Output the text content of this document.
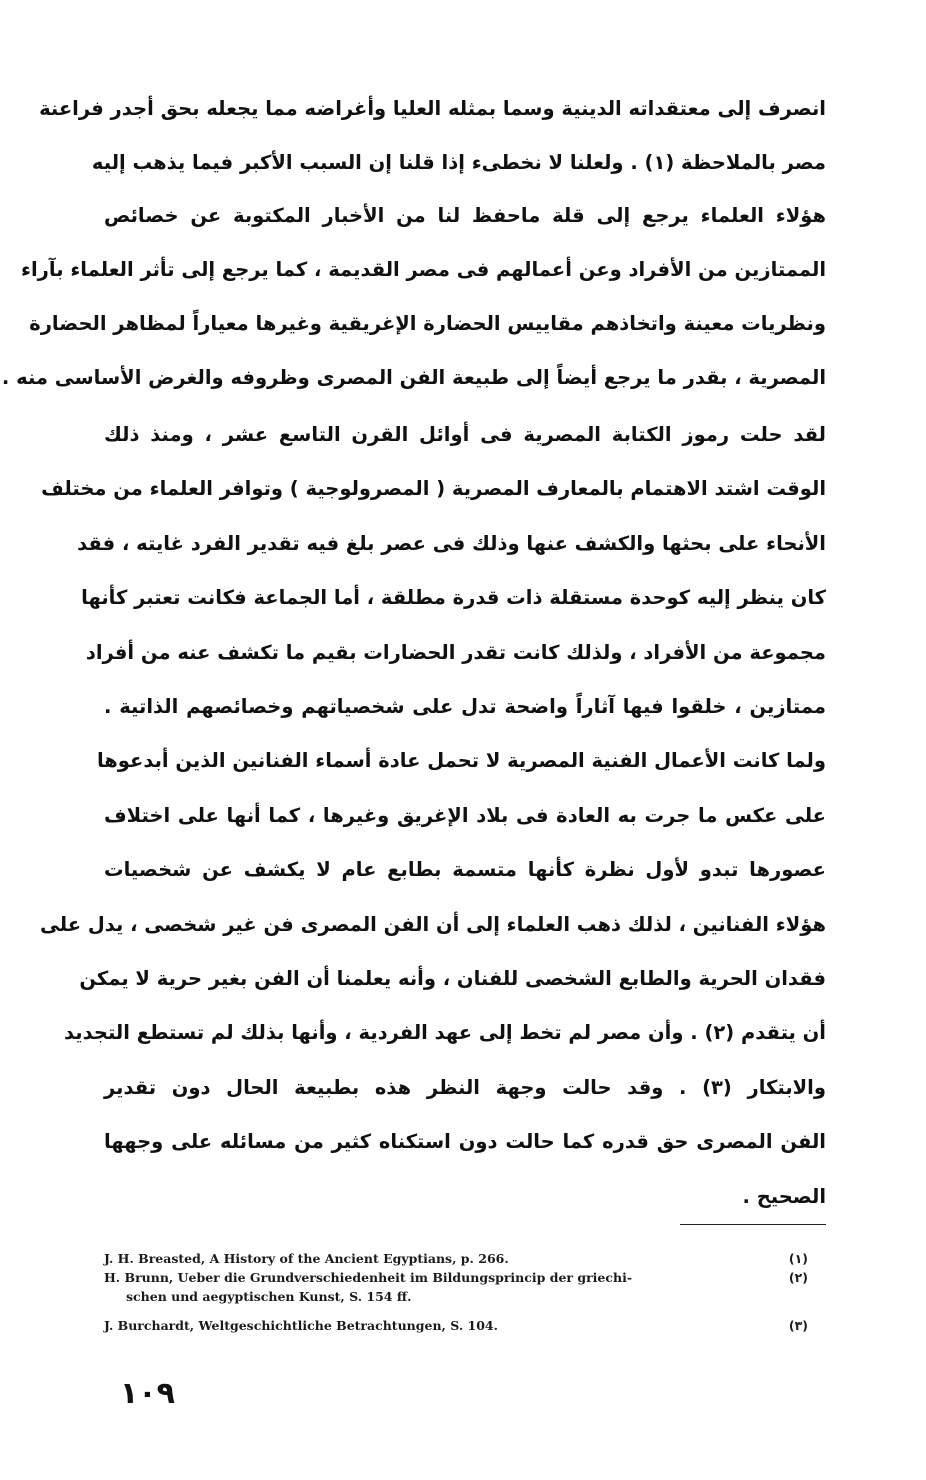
انصرف إلى معتقداته الدينية وسما بمثله العليا وأغراضه مما يجعله بحق أجدر فراعنة
مصر بالملاحظة (١) . ولعلنا لا نخطىء إذا قلنا إن السبب الأكبر فيما يذهب إليه
هؤلاء العلماء يرجع إلى قلة ماحفظ لنا من الأخبار المكتوبة عن خصائص
الممتازين من الأفراد وعن أعمالهم فى مصر القديمة ، كما يرجع إلى تأثر العلماء بآراء
ونظريات معينة واتخاذهم مقاييس الحضارة الإغريقية وغيرها معياراً لمظاهر الحضارة
المصرية ، بقدر ما يرجع أيضاً إلى طبيعة الفن المصرى وظروفه والغرض الأساسى منه .
لقد حلت رموز الكتابة المصرية فى أوائل القرن التاسع عشر ، ومنذ ذلك
الوقت اشتد الاهتمام بالمعارف المصرية ( المصرولوجية ) وتوافر العلماء من مختلف
الأنحاء على بحثها والكشف عنها وذلك فى عصر بلغ فيه تقدير الفرد غايته ، فقد
كان ينظر إليه كوحدة مستقلة ذات قدرة مطلقة ، أما الجماعة فكانت تعتبر كأنها
مجموعة من الأفراد ، ولذلك كانت تقدر الحضارات بقيم ما تكشف عنه من أفراد
ممتازين ، خلقوا فيها آثاراً واضحة تدل على شخصياتهم وخصائصهم الذاتية .
ولما كانت الأعمال الفنية المصرية لا تحمل عادة أسماء الفنانين الذين أبدعوها
على عكس ما جرت به العادة فى بلاد الإغريق وغيرها ، كما أنها على اختلاف
عصورها تبدو لأول نظرة كأنها متسمة بطابع عام لا يكشف عن شخصيات
هؤلاء الفنانين ، لذلك ذهب العلماء إلى أن الفن المصرى فن غير شخصى ، يدل على
فقدان الحرية والطابع الشخصى للفنان ، وأنه يعلمنا أن الفن بغير حرية لا يمكن
أن يتقدم (٢) . وأن مصر لم تخط إلى عهد الفردية ، وأنها بذلك لم تستطع التجديد
والابتكار (٣) . وقد حالت وجهة النظر هذه بطبيعة الحال دون تقدير
الفن المصرى حق قدره كما حالت دون استكناه كثير من مسائله على وجهها
الصحيح .
J. H. Breasted, A History of the Ancient Egyptians, p. 266.	(١)
H. Brunn, Ueber die Grundverschiedenheit im Bildungsprincip der griechi-	(٢)
schen und aegyptischen Kunst, S. 154 ff.
J. Burchardt, Weltgeschichtliche Betrachtungen, S. 104.	(٣)
١٠٩
